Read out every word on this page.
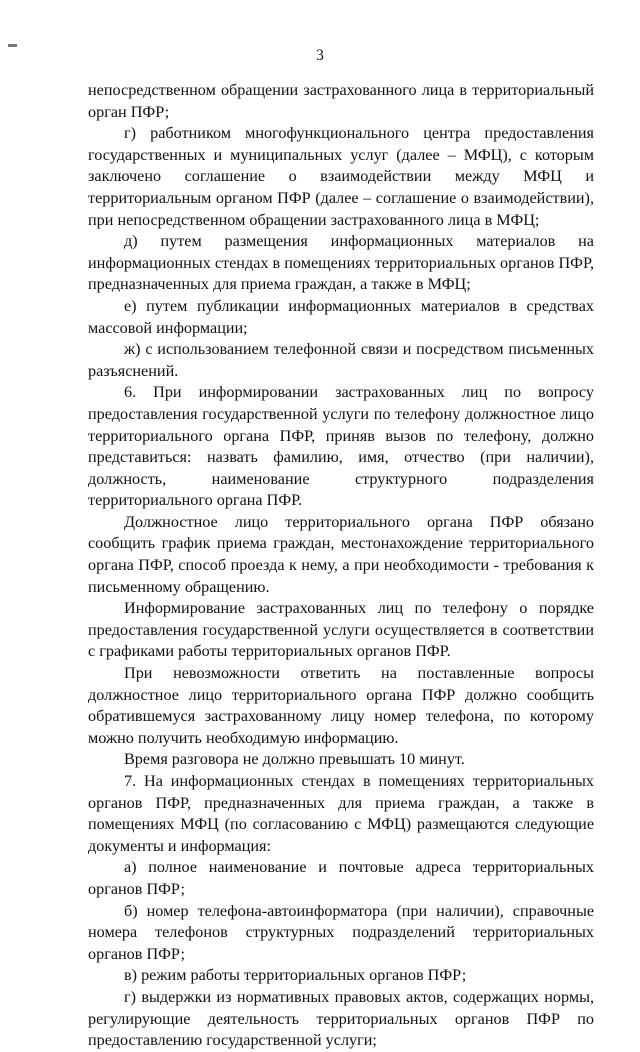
3

непосредственном обращении застрахованного лица в территориальный орган ПФР;

г) работником многофункционального центра предоставления государственных и муниципальных услуг (далее – МФЦ), с которым заключено соглашение о взаимодействии между МФЦ и территориальным органом ПФР (далее – соглашение о взаимодействии), при непосредственном обращении застрахованного лица в МФЦ;

д) путем размещения информационных материалов на информационных стендах в помещениях территориальных органов ПФР, предназначенных для приема граждан, а также в МФЦ;

е) путем публикации информационных материалов в средствах массовой информации;

ж) с использованием телефонной связи и посредством письменных разъяснений.

6. При информировании застрахованных лиц по вопросу предоставления государственной услуги по телефону должностное лицо территориального органа ПФР, приняв вызов по телефону, должно представиться: назвать фамилию, имя, отчество (при наличии), должность, наименование структурного подразделения территориального органа ПФР.

Должностное лицо территориального органа ПФР обязано сообщить график приема граждан, местонахождение территориального органа ПФР, способ проезда к нему, а при необходимости - требования к письменному обращению.

Информирование застрахованных лиц по телефону о порядке предоставления государственной услуги осуществляется в соответствии с графиками работы территориальных органов ПФР.

При невозможности ответить на поставленные вопросы должностное лицо территориального органа ПФР должно сообщить обратившемуся застрахованному лицу номер телефона, по которому можно получить необходимую информацию.

Время разговора не должно превышать 10 минут.

7. На информационных стендах в помещениях территориальных органов ПФР, предназначенных для приема граждан, а также в помещениях МФЦ (по согласованию с МФЦ) размещаются следующие документы и информация:

а) полное наименование и почтовые адреса территориальных органов ПФР;

б) номер телефона-автоинформатора (при наличии), справочные номера телефонов структурных подразделений территориальных органов ПФР;

в) режим работы территориальных органов ПФР;

г) выдержки из нормативных правовых актов, содержащих нормы, регулирующие деятельность территориальных органов ПФР по предоставлению государственной услуги;
